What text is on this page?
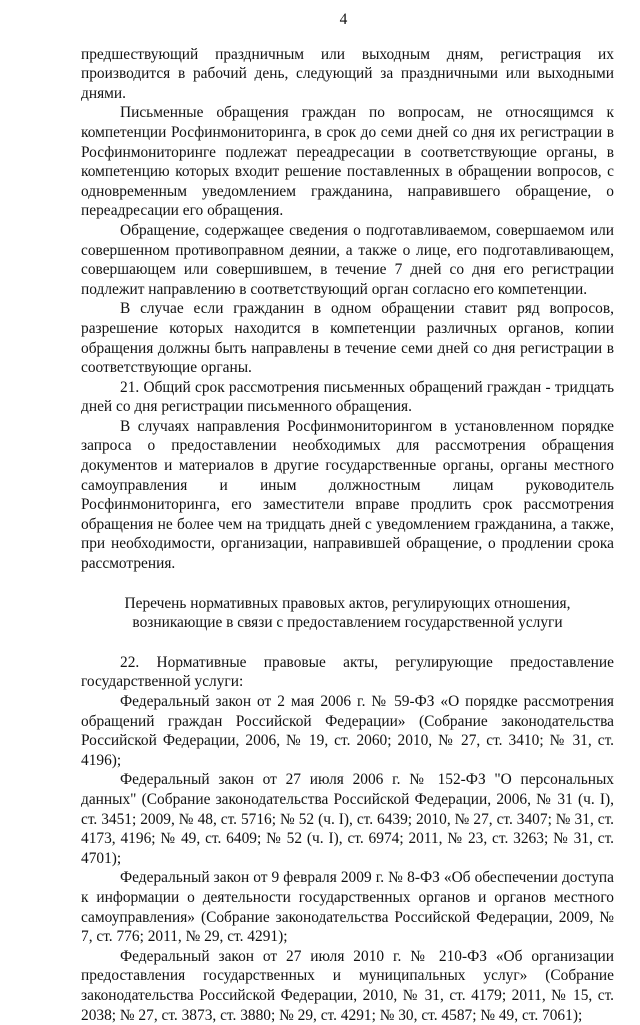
4

предшествующий праздничным или выходным дням, регистрация их производится в рабочий день, следующий за праздничными или выходными днями.

Письменные обращения граждан по вопросам, не относящимся к компетенции Росфинмониторинга, в срок до семи дней со дня их регистрации в Росфинмониторинге подлежат переадресации в соответствующие органы, в компетенцию которых входит решение поставленных в обращении вопросов, с одновременным уведомлением гражданина, направившего обращение, о переадресации его обращения.

Обращение, содержащее сведения о подготавливаемом, совершаемом или совершенном противоправном деянии, а также о лице, его подготавливающем, совершающем или совершившем, в течение 7 дней со дня его регистрации подлежит направлению в соответствующий орган согласно его компетенции.

В случае если гражданин в одном обращении ставит ряд вопросов, разрешение которых находится в компетенции различных органов, копии обращения должны быть направлены в течение семи дней со дня регистрации в соответствующие органы.

21. Общий срок рассмотрения письменных обращений граждан - тридцать дней со дня регистрации письменного обращения.

В случаях направления Росфинмониторингом в установленном порядке запроса о предоставлении необходимых для рассмотрения обращения документов и материалов в другие государственные органы, органы местного самоуправления и иным должностным лицам руководитель Росфинмониторинга, его заместители вправе продлить срок рассмотрения обращения не более чем на тридцать дней с уведомлением гражданина, а также, при необходимости, организации, направившей обращение, о продлении срока рассмотрения.

Перечень нормативных правовых актов, регулирующих отношения, возникающие в связи с предоставлением государственной услуги

22. Нормативные правовые акты, регулирующие предоставление государственной услуги:

Федеральный закон от 2 мая 2006 г. № 59-ФЗ «О порядке рассмотрения обращений граждан Российской Федерации» (Собрание законодательства Российской Федерации, 2006, № 19, ст. 2060; 2010, № 27, ст. 3410; № 31, ст. 4196);

Федеральный закон от 27 июля 2006 г. № 152-ФЗ "О персональных данных" (Собрание законодательства Российской Федерации, 2006, № 31 (ч. I), ст. 3451; 2009, № 48, ст. 5716; № 52 (ч. I), ст. 6439; 2010, № 27, ст. 3407; № 31, ст. 4173, 4196; № 49, ст. 6409; № 52 (ч. I), ст. 6974; 2011, № 23, ст. 3263; № 31, ст. 4701);

Федеральный закон от 9 февраля 2009 г. № 8-ФЗ «Об обеспечении доступа к информации о деятельности государственных органов и органов местного самоуправления» (Собрание законодательства Российской Федерации, 2009, № 7, ст. 776; 2011, № 29, ст. 4291);

Федеральный закон от 27 июля 2010 г. № 210-ФЗ «Об организации предоставления государственных и муниципальных услуг» (Собрание законодательства Российской Федерации, 2010, № 31, ст. 4179; 2011, № 15, ст. 2038; № 27, ст. 3873, ст. 3880; № 29, ст. 4291; № 30, ст. 4587; № 49, ст. 7061);
